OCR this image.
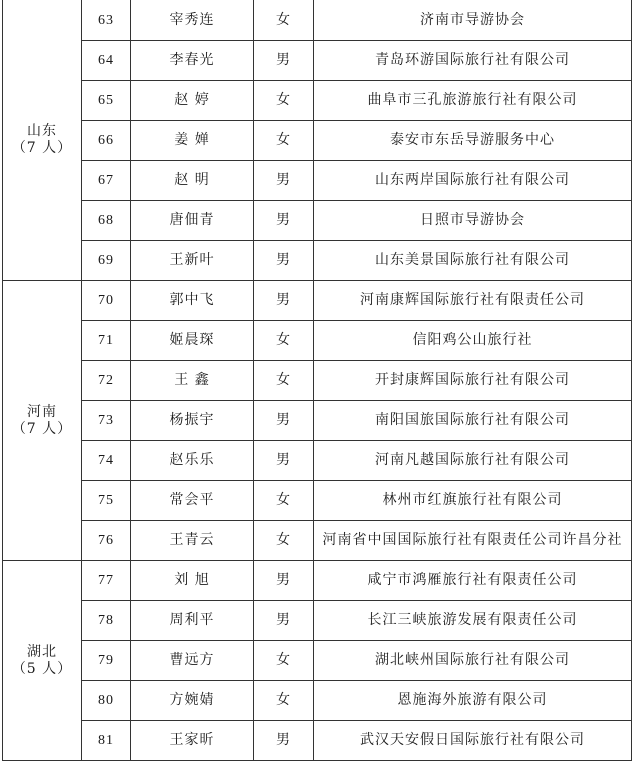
山东
（7 人）	63	宰秀连	女	济南市导游协会
	64	李春光	男	青岛环游国际旅行社有限公司
	65	赵 婷	女	曲阜市三孔旅游旅行社有限公司
	66	姜 婵	女	泰安市东岳导游服务中心
	67	赵 明	男	山东两岸国际旅行社有限公司
	68	唐佃青	男	日照市导游协会
	69	王新叶	男	山东美景国际旅行社有限公司

河南
（7 人）	70	郭中飞	男	河南康辉国际旅行社有限责任公司
	71	姬晨琛	女	信阳鸡公山旅行社
	72	王 鑫	女	开封康辉国际旅行社有限公司
	73	杨振宇	男	南阳国旅国际旅行社有限公司
	74	赵乐乐	男	河南凡越国际旅行社有限公司
	75	常会平	女	林州市红旗旅行社有限公司
	76	王青云	女	河南省中国国际旅行社有限责任公司许昌分社

湖北
（5 人）	77	刘 旭	男	咸宁市鸿雁旅行社有限责任公司
	78	周利平	男	长江三峡旅游发展有限责任公司
	79	曹远方	女	湖北峡州国际旅行社有限公司
	80	方婉婧	女	恩施海外旅游有限公司
	81	王家昕	男	武汉天安假日国际旅行社有限公司
